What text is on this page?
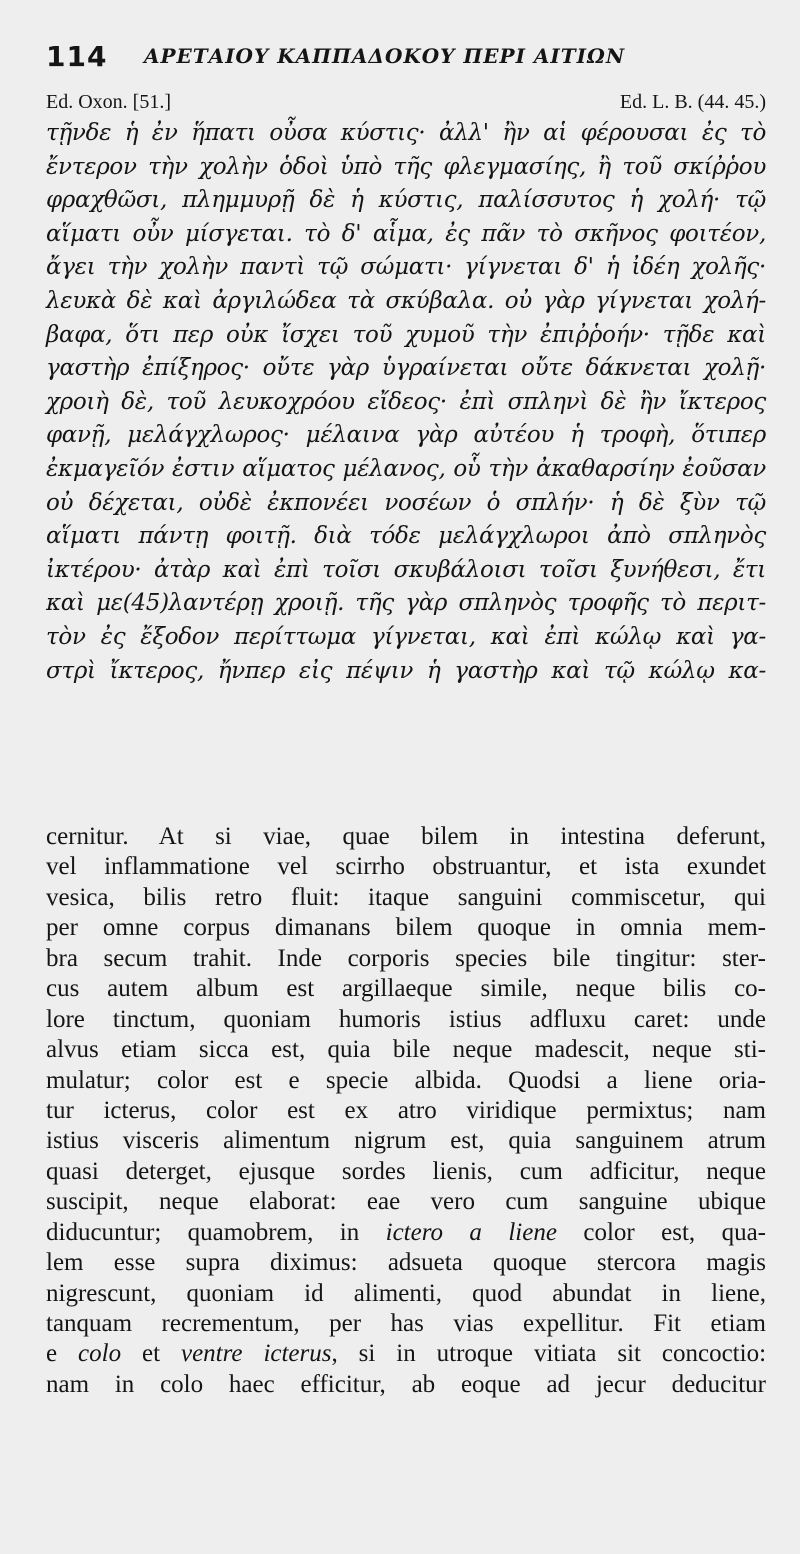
114 ΑΡΕΤΑΙΟΥ ΚΑΠΠΑΔΟΚΟΥ ΠΕΡΙ ΑΙΤΙΩΝ
Ed. Oxon. [51.]	Ed. L. B. (44. 45.)
τῇνδε ἡ ἐν ἥπατι οὖσα κύστις· ἀλλ' ἢν αἱ φέρουσαι ἐς τὸ
ἔντερον τὴν χολὴν ὁδοὶ ὑπὸ τῆς φλεγμασίης, ἢ τοῦ σκίῤῥου
φραχθῶσι, πλημμυρῇ δὲ ἡ κύστις, παλίσσυτος ἡ χολή· τῷ
αἵματι οὖν μίσγεται. τὸ δ' αἷμα, ἐς πᾶν τὸ σκῆνος φοιτέον,
ἄγει τὴν χολὴν παντὶ τῷ σώματι· γίγνεται δ' ἡ ἰδέη χολῆς·
λευκὰ δὲ καὶ ἀργιλώδεα τὰ σκύβαλα. οὐ γὰρ γίγνεται χολή-
βαφα, ὅτι περ οὐκ ἴσχει τοῦ χυμοῦ τὴν ἐπιῤῥοήν· τῇδε καὶ
γαστὴρ ἐπίξηρος· οὔτε γὰρ ὑγραίνεται οὔτε δάκνεται χολῇ·
χροιὴ δὲ, τοῦ λευκοχρόου εἴδεος· ἐπὶ σπληνὶ δὲ ἢν ἴκτερος
φανῇ, μελάγχλωρος· μέλαινα γὰρ αὐτέου ἡ τροφὴ, ὅτιπερ
ἐκμαγεῖόν ἐστιν αἵματος μέλανος, οὗ τὴν ἀκαθαρσίην ἐοῦσαν
οὐ δέχεται, οὐδὲ ἐκπονέει νοσέων ὁ σπλήν· ἡ δὲ ξὺν τῷ
αἵματι πάντῃ φοιτῇ. διὰ τόδε μελάγχλωροι ἀπὸ σπληνὸς
ἰκτέρου· ἀτὰρ καὶ ἐπὶ τοῖσι σκυβάλοισι τοῖσι ξυνήθεσι, ἔτι
καὶ με(45)λαντέρῃ χροιῇ. τῆς γὰρ σπληνὸς τροφῆς τὸ περιτ-
τὸν ἐς ἔξοδον περίττωμα γίγνεται, καὶ ἐπὶ κώλῳ καὶ γα-
στρὶ ἴκτερος, ἤνπερ εἰς πέψιν ἡ γαστὴρ καὶ τῷ κώλῳ κα-
cernitur. At si viae, quae bilem in intestina deferunt,
vel inflammatione vel scirrho obstruantur, et ista exundet
vesica, bilis retro fluit: itaque sanguini commiscetur, qui
per omne corpus dimanans bilem quoque in omnia mem-
bra secum trahit. Inde corporis species bile tingitur: ster-
cus autem album est argillaeque simile, neque bilis co-
lore tinctum, quoniam humoris istius adfluxu caret: unde
alvus etiam sicca est, quia bile neque madescit, neque sti-
mulatur; color est e specie albida. Quodsi a liene oria-
tur icterus, color est ex atro viridique permixtus; nam
istius visceris alimentum nigrum est, quia sanguinem atrum
quasi deterget, ejusque sordes lienis, cum adficitur, neque
suscipit, neque elaborat: eae vero cum sanguine ubique
diducuntur; quamobrem, in ictero a liene color est, qua-
lem esse supra diximus: adsueta quoque stercora magis
nigrescunt, quoniam id alimenti, quod abundat in liene,
tanquam recrementum, per has vias expellitur. Fit etiam
e colo et ventre icterus, si in utroque vitiata sit concoctio:
nam in colo haec efficitur, ab eoque ad jecur deducitur
